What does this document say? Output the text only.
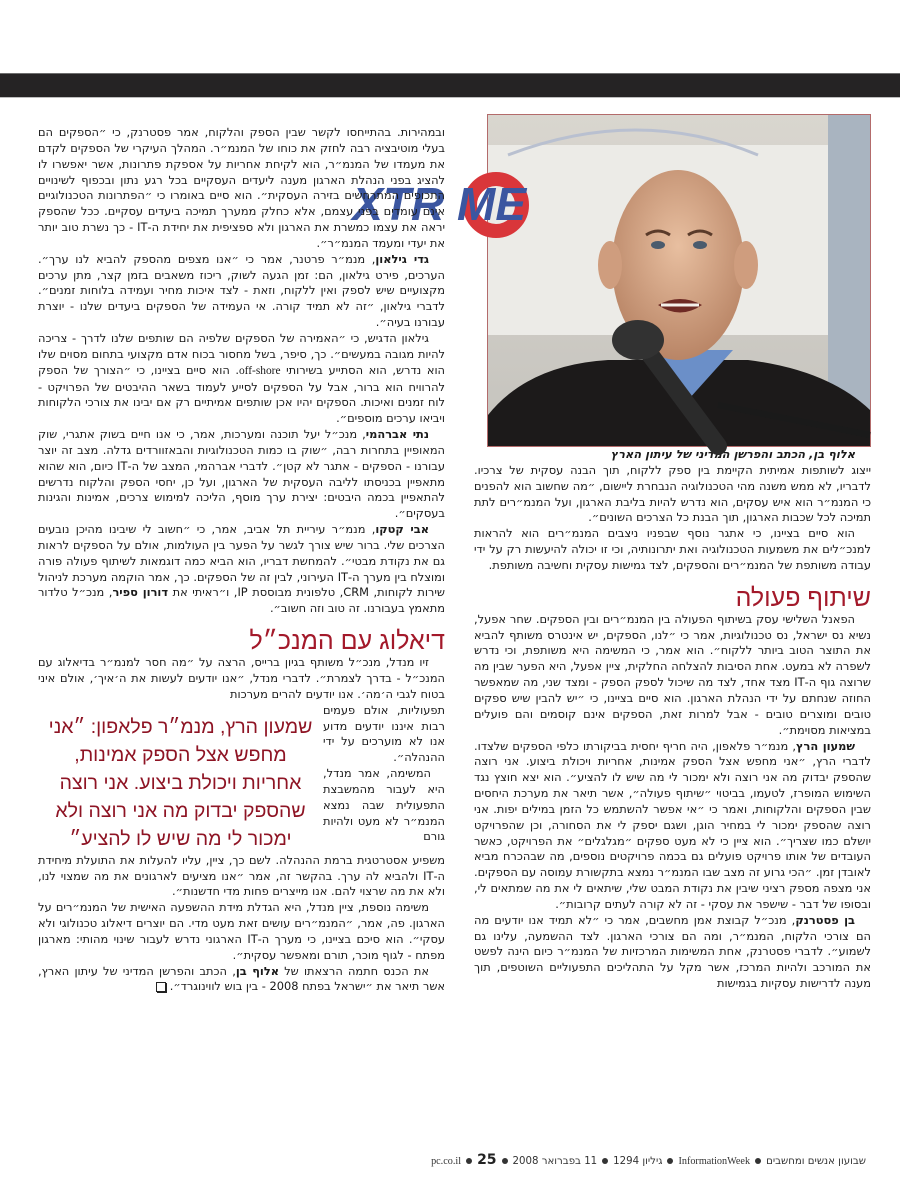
XTR ME

אלוף בן, הכתב והפרשן המדיני של עיתון הארץ

ייצוג לשותפות אמיתית הקיימת בין ספק ללקוח, תוך הבנה עסקית של צרכיו. לדבריו, לא ממש משנה מהי הטכנולוגיה הנבחרת ליישום, ״מה שחשוב הוא להפנים כי המנמ״ר הוא איש עסקים, הוא נדרש להיות בליבת הארגון, ועל המנמ״רים לתת תמיכה לכל שכבות הארגון, תוך הבנת כל הצרכים השונים״.

הוא סיים בציינו, כי אתגר נוסף שבפניו ניצבים המנמ״רים הוא להראות למנכ״לים את משמעות הטכנולוגיה ואת יתרונותיה, וכי זו יכולה להיעשות רק על ידי עבודה משותפת של המנמ״רים והספקים, לצד גמישות עסקית וחשיבה משותפת.

שיתוף פעולה

הפאנל השלישי עסק בשיתוף הפעולה בין המנמ״רים ובין הספקים. שחר אפעל, נשיא נס ישראל, נס טכנולוגיות, אמר כי ״לנו, הספקים, יש אינטרס משותף להביא את התוצר הטוב ביותר ללקוח״. הוא אמר, כי המשימה היא משותפת, וכי נדרש לשפרה לא במעט. אחת הסיבות להצלחה החלקית, ציין אפעל, היא הפער שבין מה שרוצה גוף ה-IT מצד אחד, לצד מה שיכול לספק הספק - ומצד שני, מה שמאפשר החוזה שנחתם על ידי הנהלת הארגון. הוא סיים בציינו, כי ״יש להבין שיש ספקים טובים ומוצרים טובים - אבל למרות זאת, הספקים אינם קוסמים והם פועלים במציאות מסוימת״.

שמעון הרץ, מנמ״ר פלאפון, היה חריף יחסית בביקורתו כלפי הספקים שלצדו. לדברי הרץ, ״אני מחפש אצל הספק אמינות, אחריות ויכולת ביצוע. אני רוצה שהספק יבדוק מה אני רוצה ולא ימכור לי מה שיש לו להציע״. הוא יצא חוצץ נגד השימוש המופרז, לטעמו, בביטוי ״שיתוף פעולה״, אשר תיאר את מערכת היחסים שבין הספקים והלקוחות, ואמר כי ״אי אפשר להשתמש כל הזמן במילים יפות. אני רוצה שהספק ימכור לי במחיר הוגן, ושגם יספק לי את הסחורה, וכן שהפרויקט יושלם כמו שצריך״. הוא ציין כי לא מעט ספקים ״מגלגלים״ את הפרויקט, כאשר העובדים של אותו פרויקט פועלים גם בכמה פרויקטים נוספים, מה שבהכרח מביא לאובדן זמן. ״הכי גרוע זה מצב שבו המנמ״ר נמצא בתקשורת עמוסה עם הספקים. אני מצפה מספק רציני שיבין את נקודת המבט שלי, שיתאים לי את מה שמתאים לי, ובסופו של דבר - שישפר את עסקי - זה לא קורה לעתים קרובות״.

בן פסטרנק, מנכ״ל קבוצת אמן מחשבים, אמר כי ״לא תמיד אנו יודעים מה הם צורכי הלקוח, המנמ״ר, ומה הם צורכי הארגון. לצד ההשמעה, עלינו גם לשמוע״. לדברי פסטרנק, אחת המשימות המרכזיות של המנמ״ר כיום הינה לפשט את המורכב ולהיות המרכז, אשר מקל על התהליכים התפעוליים השוטפים, תוך מענה לדרישות עסקיות בגמישות

ובמהירות. בהתייחסו לקשר שבין הספק והלקוח, אמר פסטרנק, כי ״הספקים הם בעלי מוטיבציה רבה לחזק את כוחו של המנמ״ר. המהלך העיקרי של הספקים לקדם את מעמדו של המנמ״ר, הוא לקיחת אחריות על אספקת פתרונות, אשר יאפשרו לו להציג בפני הנהלת הארגון מענה ליעדים העסקיים בכל רגע נתון ובכפוף לשינויים התכופים המתרחשים בזירה העסקית״. הוא סיים באומרו כי ״הפתרונות הטכנולוגיים אינם עומדים בפני עצמם, אלא כחלק ממערך תמיכה ביעדים עסקיים. ככל שהספק יראה את עצמו כמשרת את הארגון ולא ספציפית את יחידת ה-IT - כך נשרת טוב יותר את יעדי ומעמד המנמ״ר״.

גדי גילאון, מנמ״ר פרטנר, אמר כי ״אנו מצפים מהספק להביא לנו ערך״. הערכים, פירט גילאון, הם: זמן הגעה לשוק, ריכוז משאבים בזמן קצר, מתן ערכים מקצועיים שיש לספק ואין ללקוח, וזאת - לצד איכות מחיר ועמידה בלוחות זמנים״. לדברי גילאון, ״זה לא תמיד קורה. אי העמידה של הספקים ביעדים שלנו - יוצרת עבורנו בעיה״.

גילאון הדגיש, כי ״האמירה של הספקים שלפיה הם שותפים שלנו לדרך - צריכה להיות מגובה במעשים״. כך, סיפר, בשל מחסור בכוח אדם מקצועי בתחום מסוים שלו הוא נדרש, הוא הסתייע בשירותי off-shore. הוא סיים בציינו, כי ״הצורך של הספק להרוויח הוא ברור, אבל על הספקים לסייע לעמוד בשאר ההיבטים של הפרויקט - לוח זמנים ואיכות. הספקים יהיו אכן שותפים אמיתיים רק אם יבינו את צורכי הלקוחות ויביאו ערכים מוספים״.

נתי אברהמי, מנכ״ל יעל תוכנה ומערכות, אמר, כי אנו חיים בשוק אתגרי, שוק המאופיין בתחרות רבה, ״שוק בו כמות הטכנולוגיות והבאזוורדים גדלה. מצב זה יוצר עבורנו - הספקים - אתגר לא קטן״. לדברי אברהמי, המצב של ה-IT כיום, הוא שהוא מתאפיין בכניסתו לליבה העסקית של הארגון, ועל כן, יחסי הספק והלקוח נדרשים להתאפיין בכמה היבטים: יצירת ערך מוסף, הליכה למימוש צרכים, אמינות והגינות בעסקים״.

אבי קטקו, מנמ״ר עיריית תל אביב, אמר, כי ״חשוב לי שיבינו מהיכן נובעים הצרכים שלי. ברור שיש צורך לגשר על הפער בין העולמות, אולם על הספקים לראות גם את נקודת מבטי״. להמחשת דבריו, הוא הביא כמה דוגמאות לשיתוף פעולה פורה ומוצלח בין מערך ה-IT העירוני, לבין זה של הספקים. כך, אמר הוקמה מערכת לניהול שירות לקוחות, CRM, טלפונית מבוססת IP, ו״ראיתי את דורון ספיר, מנכ״ל טלדור מתאמץ בעבורנו. זה טוב וזה חשוב״.

דיאלוג עם המנכ״ל

זיו מנדל, מנכ״ל משותף בגיון ברייס, הרצה על ״מה חסר למנמ״ר בדיאלוג עם המנכ״ל - בדרך לצמרת״. לדברי מנדל, ״אנו יודעים לעשות את ה׳איך׳, אולם איני בטוח לגבי ה׳מה׳. אנו יודעים להרים מערכות

תפעוליות, אולם פעמים רבות איננו יודעים מדוע אנו לא מוערכים על ידי ההנהלה״.

המשימה, אמר מנדל, היא לעבור מהמשבצת התפעולית שבה נמצא המנמ״ר לא מעט ולהיות גורם

שמעון הרץ, מנמ״ר פלאפון: ״אני מחפש אצל הספק אמינות, אחריות ויכולת ביצוע. אני רוצה שהספק יבדוק מה אני רוצה ולא ימכור לי מה שיש לו להציע״

משפיע אסטרטגית ברמת ההנהלה. לשם כך, ציין, עליו להעלות את התועלת מיחידת ה-IT ולהביא לה ערך. בהקשר זה, אמר ״אנו מציעים לארגונים את מה שמצוי לנו, ולא את מה שרצוי להם. אנו מייצרים פחות מדי חדשנות״.

משימה נוספת, ציין מנדל, היא הגדלת מידת ההשפעה האישית של המנמ״רים על הארגון. פה, אמר, ״המנמ״רים עושים זאת מעט מדי. הם יוצרים דיאלוג טכנולוגי ולא עסקי״. הוא סיכם בציינו, כי מערך ה-IT הארגוני נדרש לעבור שינוי מהותי: מארגון מפתח - לגוף מוכר, תורם ומאפשר עסקית״.

את הכנס חתמה הרצאתו של אלוף בן, הכתב והפרשן המדיני של עיתון הארץ, אשר תיאר את ״ישראל בפתח 2008 - בין בוש לווינוגרד״.

שבועון אנשים ומחשביםInformationWeekגיליון 129411 בפברואר 2008pc.co.il 25
